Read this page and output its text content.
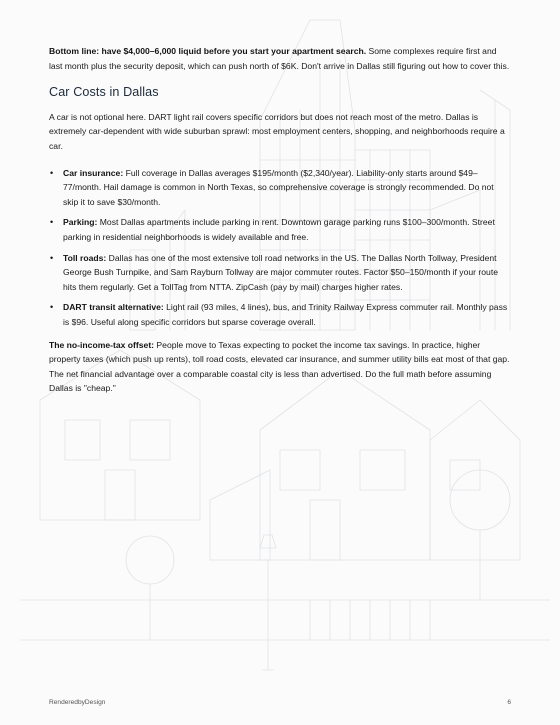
Bottom line: have $4,000–6,000 liquid before you start your apartment search. Some complexes require first and last month plus the security deposit, which can push north of $6K. Don't arrive in Dallas still figuring out how to cover this.

Car Costs in Dallas

A car is not optional here. DART light rail covers specific corridors but does not reach most of the metro. Dallas is extremely car-dependent with wide suburban sprawl: most employment centers, shopping, and neighborhoods require a car.

• Car insurance: Full coverage in Dallas averages $195/month ($2,340/year). Liability-only starts around $49–77/month. Hail damage is common in North Texas, so comprehensive coverage is strongly recommended. Do not skip it to save $30/month.
• Parking: Most Dallas apartments include parking in rent. Downtown garage parking runs $100–300/month. Street parking in residential neighborhoods is widely available and free.
• Toll roads: Dallas has one of the most extensive toll road networks in the US. The Dallas North Tollway, President George Bush Turnpike, and Sam Rayburn Tollway are major commuter routes. Factor $50–150/month if your route hits them regularly. Get a TollTag from NTTA. ZipCash (pay by mail) charges higher rates.
• DART transit alternative: Light rail (93 miles, 4 lines), bus, and Trinity Railway Express commuter rail. Monthly pass is $96. Useful along specific corridors but sparse coverage overall.

The no-income-tax offset: People move to Texas expecting to pocket the income tax savings. In practice, higher property taxes (which push up rents), toll road costs, elevated car insurance, and summer utility bills eat most of that gap. The net financial advantage over a comparable coastal city is less than advertised. Do the full math before assuming Dallas is "cheap."

RenderedbyDesign	6
